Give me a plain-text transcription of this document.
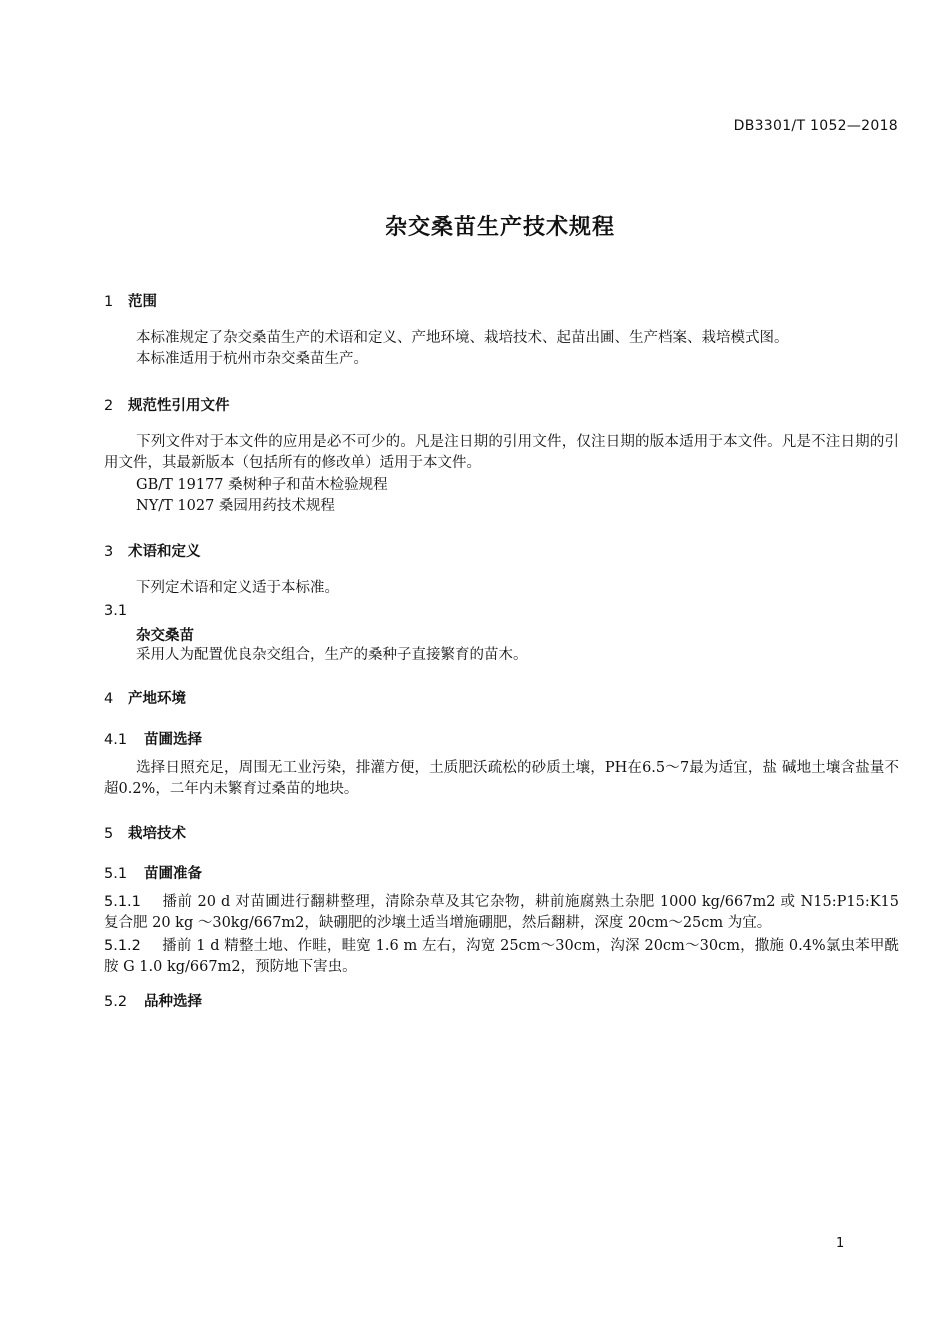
DB3301/T 1052—2018
杂交桑苗生产技术规程
1 范围
本标准规定了杂交桑苗生产的术语和定义、产地环境、栽培技术、起苗出圃、生产档案、栽培模式图。
本标准适用于杭州市杂交桑苗生产。
2 规范性引用文件
下列文件对于本文件的应用是必不可少的。凡是注日期的引用文件，仅注日期的版本适用于本文件。凡是不注日期的引用文件，其最新版本（包括所有的修改单）适用于本文件。
GB/T 19177 桑树种子和苗木检验规程
NY/T 1027 桑园用药技术规程
3 术语和定义
下列定术语和定义适于本标准。
3.1
杂交桑苗
采用人为配置优良杂交组合，生产的桑种子直接繁育的苗木。
4 产地环境
4.1 苗圃选择
选择日照充足，周围无工业污染，排灌方便，土质肥沃疏松的砂质土壤，PH在6.5～7最为适宜，盐 碱地土壤含盐量不超0.2%，二年内未繁育过桑苗的地块。
5 栽培技术
5.1 苗圃准备
5.1.1 播前 20 d 对苗圃进行翻耕整理，清除杂草及其它杂物，耕前施腐熟土杂肥 1000 kg/667m2 或 N15:P15:K15 复合肥 20 kg ～30kg/667m2，缺硼肥的沙壤土适当增施硼肥，然后翻耕，深度 20cm～25cm 为宜。
5.1.2 播前 1 d 精整土地、作畦，畦宽 1.6 m 左右，沟宽 25cm～30cm，沟深 20cm～30cm，撒施 0.4%氯虫苯甲酰胺 G 1.0 kg/667m2，预防地下害虫。
5.2 品种选择
1
